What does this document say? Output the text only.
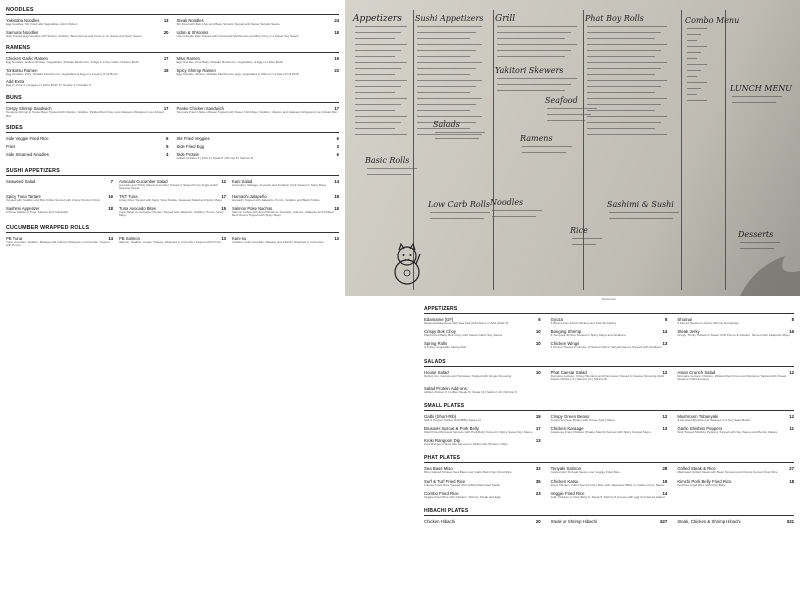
NOODLES
Yakisoba Noodles	13
Egg Noodles, Stir Fried with Vegetables, Add Chicken
Steak Noodles	24
Stir Fried with Bok Choy and Bean Sprouts Topped with Sweet Teriyaki Sauce
Samurai Noodles	20
Wok Tossed Egg Noodles with Shrimp, Scallion, Bean Sprout and Onion in an Sweet and Spicy Sauce
Udon & Shrooms	18
Udon Noodle Wok Tossed with 3 Assorted Mushrooms and Bok Choy in a Sweet Soy Sauce
RAMENS
Chicken Garlic Ramen	17
Egg Noodles, Grilled Chicken, Vegetables, Shiitake Mushroom, & Egg in a Soy Garlic Chicken Broth
Miso Ramen	19
Egg Noodles, Pork Belly, Shiitake Mushroom, Vegetables, & Egg in a Miso Broth
Tonkotsu Ramen	19
Egg Noodles, Pork, Shiitake Mushrooms, Vegetables & Egg in a Creamy Pork Broth
Spicy Shrimp Ramen	23
Egg Noodles, Shrimp, Shiitake Mushrooms, Egg, Vegetables & Shrimp in a Spicy Pork Broth
Add Extra
Egg 2 | Pork 4 | Veggies 2 | Extra Broth 5 | Noodle 4 | Noodles 5
BUNS
Crispy Shrimp Sandwich	17
Tempura Shrimp in Texas Mayo Topped with Cilantro, Scallion, Pickled Red Onion and Jalapeno Wrapped in an Artisan Bun
Panko Chicken Sandwich	17
Tempura Fried Chicken Breast Topped with Sweet Chili Mayo, Scallion, Cilantro and Jalapeno Wrapped in an Artisan Bun
SIDES
Side Veggie Fried Rice	6 Stir Fried Veggies	6
Fries	5 Side Fried Egg	3
Side Steamed Noodles	4 Side Protein	6
Grilled Chicken 5 | Pork 6 | Steak 8 | Shrimp 8 | Salmon 8
SUSHI APPETIZERS
Seaweed Salad	7 Avocado Cucumber Salad	12
Avocado and Thinly Sliced Cucumber Tossed in Sweet Ponzu Topped with Sesame Seeds
Kani Salad	14
Cucumber, Masago, Avocado and Imitation Crab Tossed in Spicy Mayo
Spicy Tuna Tartare	16
Topped with Scallion and Bits Tobiko Served with Crispy Wonton Chips
TNT Tuna	17
Crispy Rice Topped with Spicy Tuna Tartare, Seaweed Salad and Spicy Mayo
Hamachi Jalapeño	18
Hamachi Topped with Jalapeño, Ponzu, Scallion and Black Tobiko
Sashimi Appetizer	18
9 Piece Sashimi (Tuna, Salmon and Yellowtail)
Tuna Avocado Bites	15
Tuna Tartar on Avocado Chunks, Topped with Jalapeño, Scallion, Ponzu, Spicy Mayo
Salmon Poke Nachos	18
Salmon Cubes with Fried Wontons, Avocado, Cilantro, Jalapeño and Pickled Red Onions Topped with Spicy Mayo
CUCUMBER WRAPPED ROLLS
PB Tuna	14
Tuna, Avocado, Scallion, Masago and Cilantro Wrapped in Cucumber, Topped with Ponzu
PB Salmon	13
Salmon, Scallion, Cream Cheese, Wrapped in Cucumber Topped with Ponzu
Kani-su	13
Imitation Crab, Avocado, Masago and Cilantro Wrapped in Cucumber
Appetizers Sushi Appetizers Grill	Phat Boy Rolls	Combo Menu
LUNCH MENU
Yakitori Skewers
Seafood
Salads
Ramens
Basic Rolls
Noodles
Low Carb Rolls	Sashimi & Sushi
Rice	Desserts
Mushroom
APPETIZERS
Edamame [GF]	6
Steamed Edamame with Sea Salt (Add Spice 2, Add Garlic 3)
Gyoza	8
5 Pieces Pan Fried Chicken and Pork Dumpling
Shumai	8
4 Pieces Steamed Jumbo Shrimp Dumplings
Crispy Bok Choy	10
Flash Fried Baby Bok Choy with Sweet Garlic Soy Sauce
Banging Shrimp	14
6 Tempura Shrimp Tossed in Spicy Mayo and Scallions
Steak Jerky	16
Crispy, Thinly Tossed in Sweet Chili Ponzu & Cilantro, Served with Jalapeño Mayo
Spring Rolls	10
3 Crispy Vegetable Spring Roll
Chicken Wings	13
6 Pieces Tossed in Choice of Sweet Chili or Teriyaki Sauce Topped with Scallions
SALADS
House Salad	10
Spring mix, Carrots and Tomatoes Topped with Ginger Dressing
Phat Caesar Salad	12
Romaine Lettuce, Crispy Wontons and Parmesan Tossed in Caesar Dressing (Add Panko Chicken 5 | Salmon 10 | Shrimp 8)
Asian Crunch Salad	12
Romaine Lettuce, Cilantro, Pickled Red Onion and Wontons Topped with Sweet Sesame Chili Dressing
Salad Protein Add-ons:
Grilled chicken 6 | Grilled Steak 8 | Steak 10 | Salmon 10 | Shrimp 8
SMALL PLATES
Galbi (Short-Rib)	19
Salt & Pepper Grilled (Add BBQ Sauce 2)
Crispy Green Beans	12
Tempura Green Beans with House Spicy Mayo
Mushroom Tobanyaki	12
3 Assorted Mushrooms Sauteed in a Soy Sake Butter
Brussels Sprout & Pork Belly	17
Flash Fried Brussels Sprouts with Pork Belly Tossed in Spicy Sweet Soy Sauce
Chicken Karaage	13
Japanese Fried Chicken (Potato Starch) Served with Spicy Kewpie Mayo
Garlic Shishito Peppers	11
Wok Tossed Shishito Peppers Topped with Soy Sauce and Bonito Flakes
Kroki Rangoon Dip	13
Kani Rangoon Style Dip Served on Skillet with Wonton Chips
PHAT PLATES
Sea Bass Miso	33
Miso Glazed Chilean Sea Bass over Garlic Bok Choy Fried Rice
Teriyaki Salmon	28
Glazed with Teriyaki Sauce over Veggie Fried Rice
Grilled Steak & Rice	27
Marinated Grilled Steak with Bean Sprouts and Onions Served Over Rice
Surf & Turf Fried Rice	35
Lobster Fried Rice Topped with Grilled Marinated Steak
Chicken Katsu	19
Fried Chicken Cutlet Served Over Rice with Japanese BBQ or Golden Curry Sauce
Kimchi Pork Belly Fried Rice	18
Kimchee Fried Rice with Pork Belly
Combo Fried Rice	23
Veggie Fried Rice with Chicken, Shrimp, Steak and Egg
Veggie Fried Rice	14
Add: Chicken 4, Pork Belly 6, Steak 5, Shrimp 5 Comes with egg if preferred added
HIBACHI PLATES
Chicken Hibachi	20 Steak or Shrimp Hibachi	$27 Steak, Chicken & Shrimp Hibachi	$31
